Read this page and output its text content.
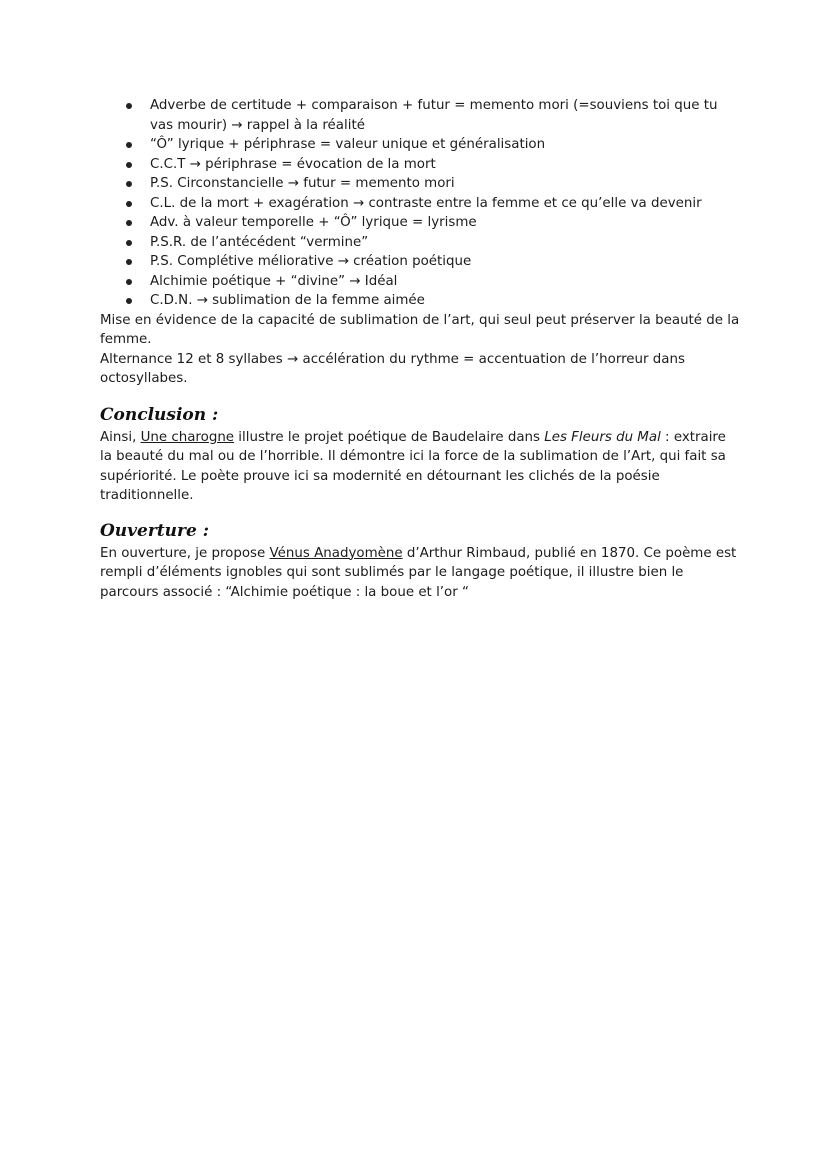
Adverbe de certitude + comparaison + futur = memento mori (=souviens toi que tu vas mourir) → rappel à la réalité
“Ô” lyrique + périphrase = valeur unique et généralisation
C.C.T → périphrase = évocation de la mort
P.S. Circonstancielle → futur = memento mori
C.L. de la mort + exagération → contraste entre la femme et ce qu’elle va devenir
Adv. à valeur temporelle + “Ô” lyrique = lyrisme
P.S.R. de l’antécédent “vermine”
P.S. Complétive méliorative → création poétique
Alchimie poétique + “divine” → Idéal
C.D.N. → sublimation de la femme aimée

Mise en évidence de la capacité de sublimation de l’art, qui seul peut préserver la beauté de la femme.

Alternance 12 et 8 syllabes → accélération du rythme = accentuation de l’horreur dans octosyllabes.

Conclusion :

Ainsi, Une charogne illustre le projet poétique de Baudelaire dans Les Fleurs du Mal : extraire la beauté du mal ou de l’horrible. Il démontre ici la force de la sublimation de l’Art, qui fait sa supériorité. Le poète prouve ici sa modernité en détournant les clichés de la poésie traditionnelle.

Ouverture :

En ouverture, je propose Vénus Anadyomène d’Arthur Rimbaud, publié en 1870. Ce poème est rempli d’éléments ignobles qui sont sublimés par le langage poétique, il illustre bien le parcours associé : “Alchimie poétique : la boue et l’or “
